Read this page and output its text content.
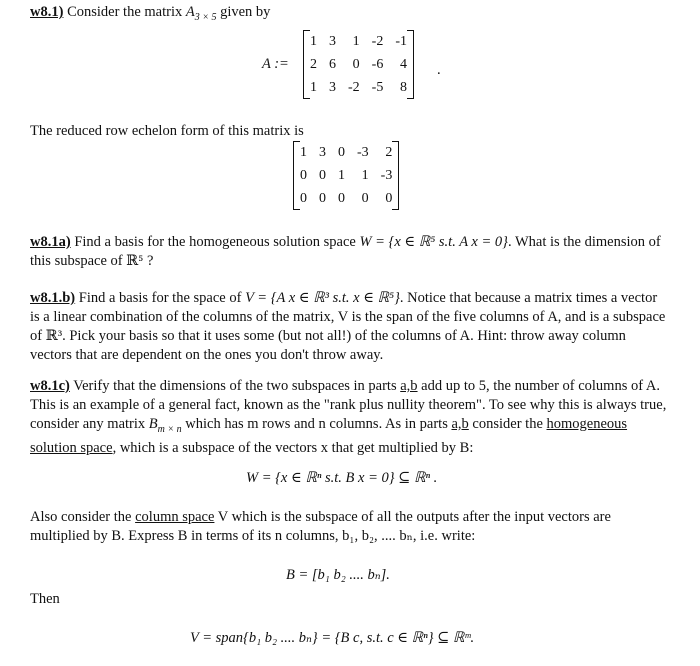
w8.1) Consider the matrix $A_{3 \times 5}$ given by
A :=
1	3	1	-2	-1
2	6	0	-6	4
1	3	-2	-5	8
.
The reduced row echelon form of this matrix is
1	3	0	-3	2
0	0	1	1	-3
0	0	0	0	0
w8.1a) Find a basis for the homogeneous solution space W = {x ∈ ℝ⁵ s.t. A x = 0}. What is the dimension of this subspace of ℝ⁵ ?
w8.1.b) Find a basis for the space of V = {A x ∈ ℝ³ s.t. x ∈ ℝ⁵}. Notice that because a matrix times a vector is a linear combination of the columns of the matrix, V is the span of the five columns of A, and is a subspace of ℝ³. Pick your basis so that it uses some (but not all!) of the columns of A. Hint: throw away column vectors that are dependent on the ones you don't throw away.
w8.1c) Verify that the dimensions of the two subspaces in parts a,b add up to 5, the number of columns of A. This is an example of a general fact, known as the "rank plus nullity theorem". To see why this is always true, consider any matrix $B_{m \times n}$ which has m rows and n columns. As in parts a,b consider the homogeneous solution space, which is a subspace of the vectors x that get multiplied by B:
W = {x ∈ ℝⁿ s.t. B x = 0} ⊆ ℝⁿ .
Also consider the column space V which is the subspace of all the outputs after the input vectors are multiplied by B. Express B in terms of its n columns, b₁, b₂, .... bₙ, i.e. write:
B = [b₁ b₂ .... bₙ].
Then
V = span{b₁ b₂ .... bₙ} = {B c, s.t. c ∈ ℝⁿ} ⊆ ℝᵐ.
